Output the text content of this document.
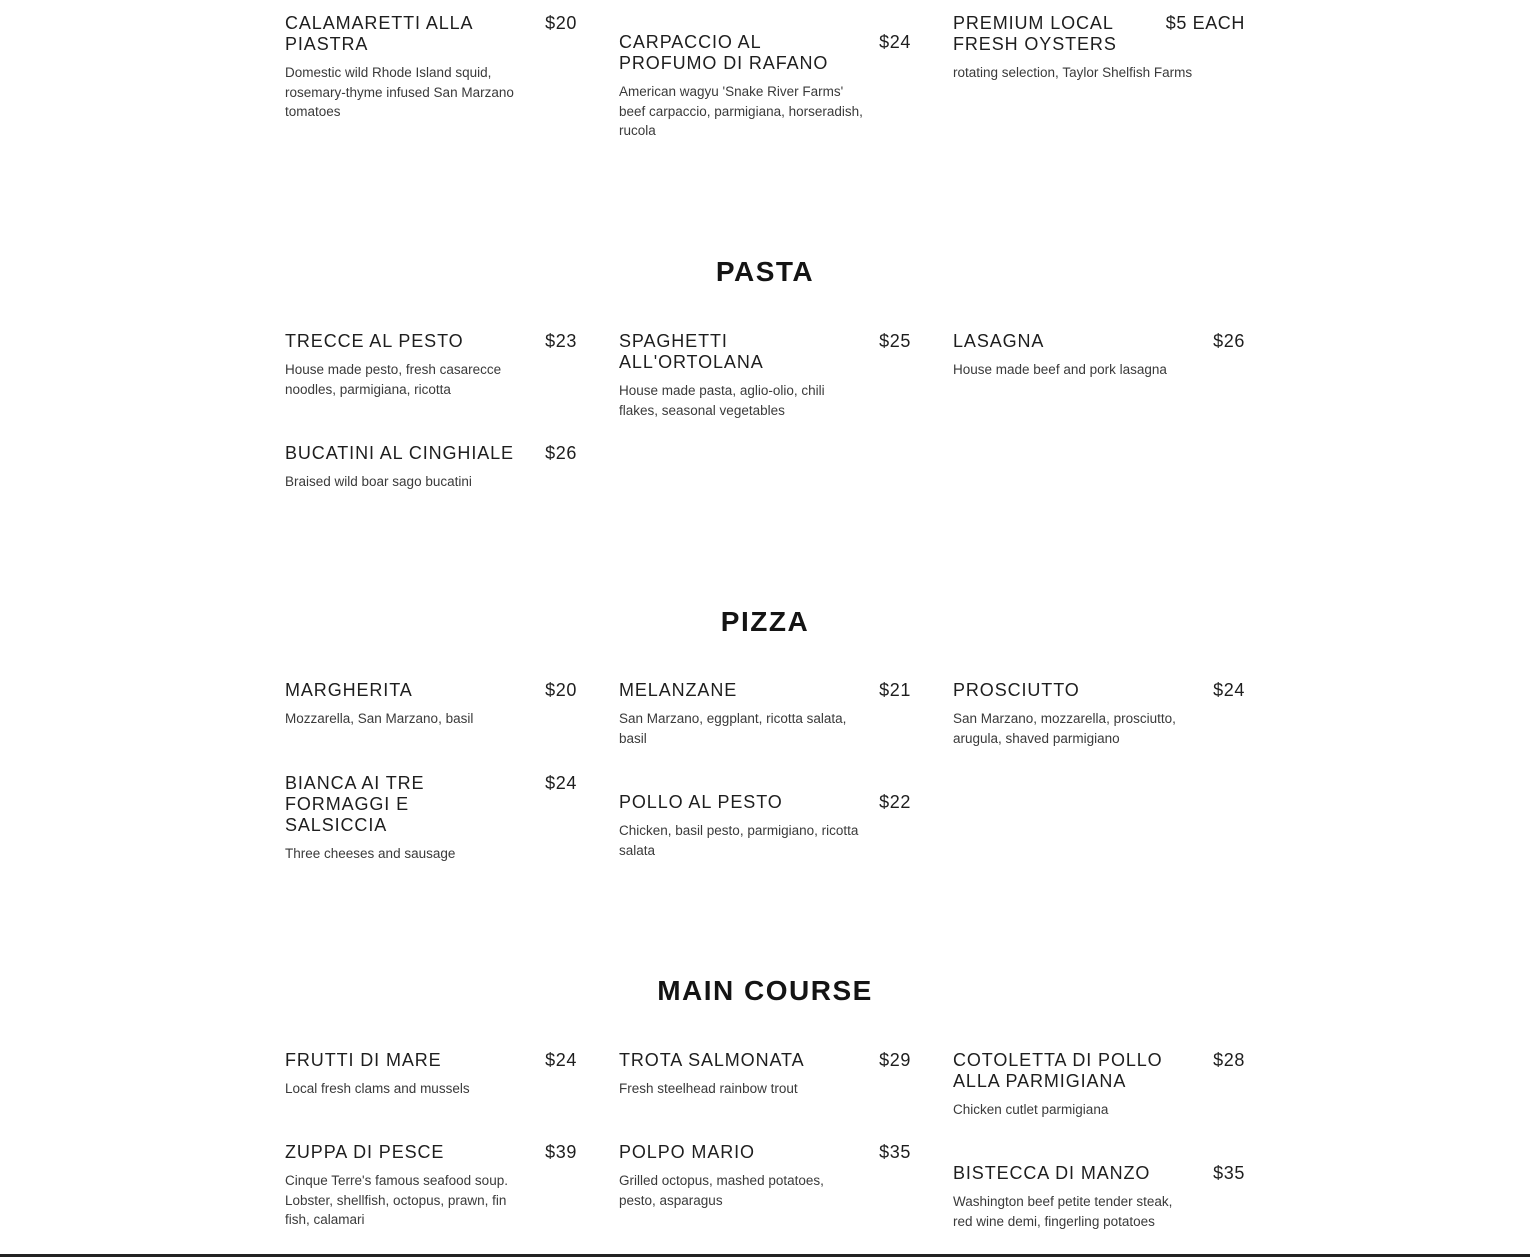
CALAMARETTI ALLA PIASTRA
$20
Domestic wild Rhode Island squid, rosemary-thyme infused San Marzano tomatoes
CARPACCIO AL PROFUMO DI RAFANO
$24
American wagyu 'Snake River Farms' beef carpaccio, parmigiana, horseradish, rucola
PREMIUM LOCAL FRESH OYSTERS
$5 EACH
rotating selection, Taylor Shelfish Farms
PASTA
TRECCE AL PESTO	$23
House made pesto, fresh casarecce noodles, parmigiana, ricotta
SPAGHETTI ALL'ORTOLANA
$25
House made pasta, aglio-olio, chili flakes, seasonal vegetables
LASAGNA	$26
House made beef and pork lasagna
BUCATINI AL CINGHIALE	$26
Braised wild boar sago bucatini
PIZZA
MARGHERITA	$20
Mozzarella, San Marzano, basil
MELANZANE	$21
San Marzano, eggplant, ricotta salata, basil
PROSCIUTTO	$24
San Marzano, mozzarella, prosciutto, arugula, shaved parmigiano
BIANCA AI TRE FORMAGGI E SALSICCIA
$24
Three cheeses and sausage
POLLO AL PESTO	$22
Chicken, basil pesto, parmigiano, ricotta salata
MAIN COURSE
FRUTTI DI MARE	$24
Local fresh clams and mussels
TROTA SALMONATA	$29
Fresh steelhead rainbow trout
COTOLETTA DI POLLO ALLA PARMIGIANA
$28
Chicken cutlet parmigiana
ZUPPA DI PESCE	$39
Cinque Terre's famous seafood soup. Lobster, shellfish, octopus, prawn, fin fish, calamari
POLPO MARIO	$35
Grilled octopus, mashed potatoes, pesto, asparagus
BISTECCA DI MANZO	$35
Washington beef petite tender steak, red wine demi, fingerling potatoes
